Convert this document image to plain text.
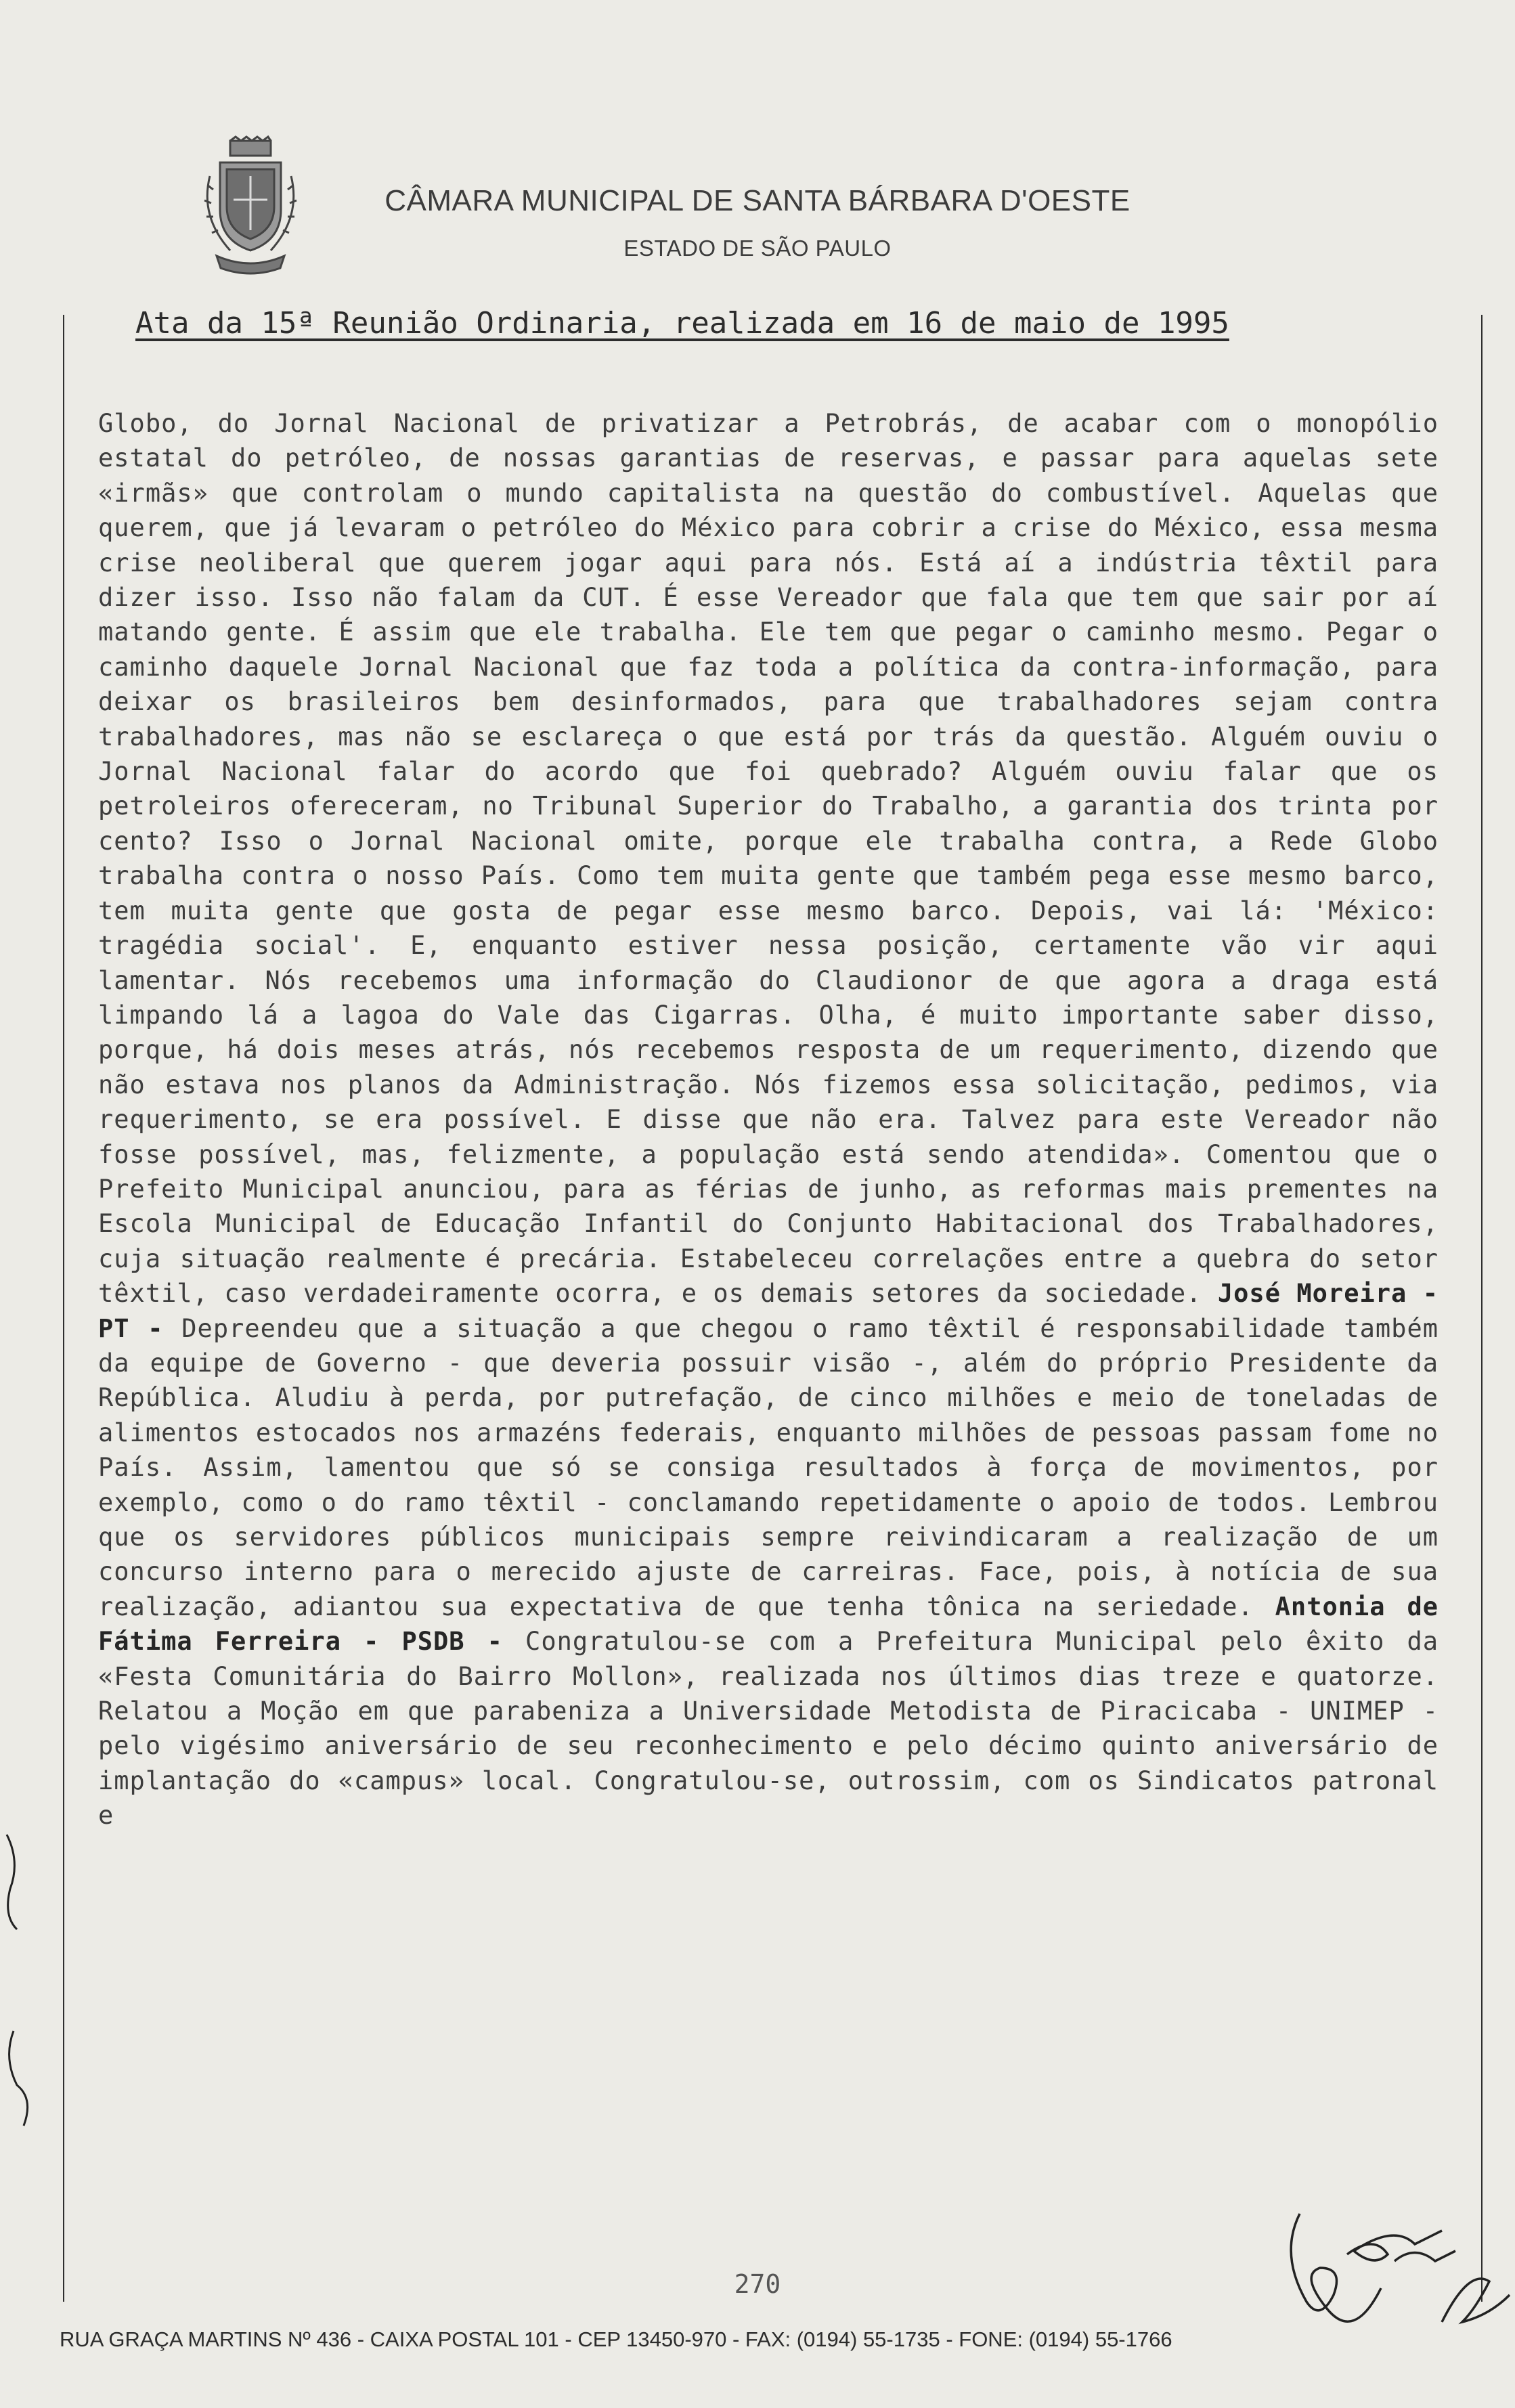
CÂMARA MUNICIPAL DE SANTA BÁRBARA D'OESTE
ESTADO DE SÃO PAULO
Ata da 15ª Reunião Ordinaria, realizada em 16 de maio de 1995
Globo, do Jornal Nacional de privatizar a Petrobrás, de acabar com o monopólio estatal do petróleo, de nossas garantias de reservas, e passar para aquelas sete «irmãs» que controlam o mundo capitalista na questão do combustível. Aquelas que querem, que já levaram o petróleo do México para cobrir a crise do México, essa mesma crise neoliberal que querem jogar aqui para nós. Está aí a indústria têxtil para dizer isso. Isso não falam da CUT. É esse Vereador que fala que tem que sair por aí matando gente. É assim que ele trabalha. Ele tem que pegar o caminho mesmo. Pegar o caminho daquele Jornal Nacional que faz toda a política da contra-informação, para deixar os brasileiros bem desinformados, para que trabalhadores sejam contra trabalhadores, mas não se esclareça o que está por trás da questão. Alguém ouviu o Jornal Nacional falar do acordo que foi quebrado? Alguém ouviu falar que os petroleiros ofereceram, no Tribunal Superior do Trabalho, a garantia dos trinta por cento? Isso o Jornal Nacional omite, porque ele trabalha contra, a Rede Globo trabalha contra o nosso País. Como tem muita gente que também pega esse mesmo barco, tem muita gente que gosta de pegar esse mesmo barco. Depois, vai lá: 'México: tragédia social'. E, enquanto estiver nessa posição, certamente vão vir aqui lamentar. Nós recebemos uma informação do Claudionor de que agora a draga está limpando lá a lagoa do Vale das Cigarras. Olha, é muito importante saber disso, porque, há dois meses atrás, nós recebemos resposta de um requerimento, dizendo que não estava nos planos da Administração. Nós fizemos essa solicitação, pedimos, via requerimento, se era possível. E disse que não era. Talvez para este Vereador não fosse possível, mas, felizmente, a população está sendo atendida». Comentou que o Prefeito Municipal anunciou, para as férias de junho, as reformas mais prementes na Escola Municipal de Educação Infantil do Conjunto Habitacional dos Trabalhadores, cuja situação realmente é precária. Estabeleceu correlações entre a quebra do setor têxtil, caso verdadeiramente ocorra, e os demais setores da sociedade. José Moreira - PT - Depreendeu que a situação a que chegou o ramo têxtil é responsabilidade também da equipe de Governo - que deveria possuir visão -, além do próprio Presidente da República. Aludiu à perda, por putrefação, de cinco milhões e meio de toneladas de alimentos estocados nos armazéns federais, enquanto milhões de pessoas passam fome no País. Assim, lamentou que só se consiga resultados à força de movimentos, por exemplo, como o do ramo têxtil - conclamando repetidamente o apoio de todos. Lembrou que os servidores públicos municipais sempre reivindicaram a realização de um concurso interno para o merecido ajuste de carreiras. Face, pois, à notícia de sua realização, adiantou sua expectativa de que tenha tônica na seriedade. Antonia de Fátima Ferreira - PSDB - Congratulou-se com a Prefeitura Municipal pelo êxito da «Festa Comunitária do Bairro Mollon», realizada nos últimos dias treze e quatorze. Relatou a Moção em que parabeniza a Universidade Metodista de Piracicaba - UNIMEP - pelo vigésimo aniversário de seu reconhecimento e pelo décimo quinto aniversário de implantação do «campus» local. Congratulou-se, outrossim, com os Sindicatos patronal e
270
RUA GRAÇA MARTINS Nº 436 - CAIXA POSTAL 101 - CEP 13450-970 - FAX: (0194) 55-1735 - FONE: (0194) 55-1766
